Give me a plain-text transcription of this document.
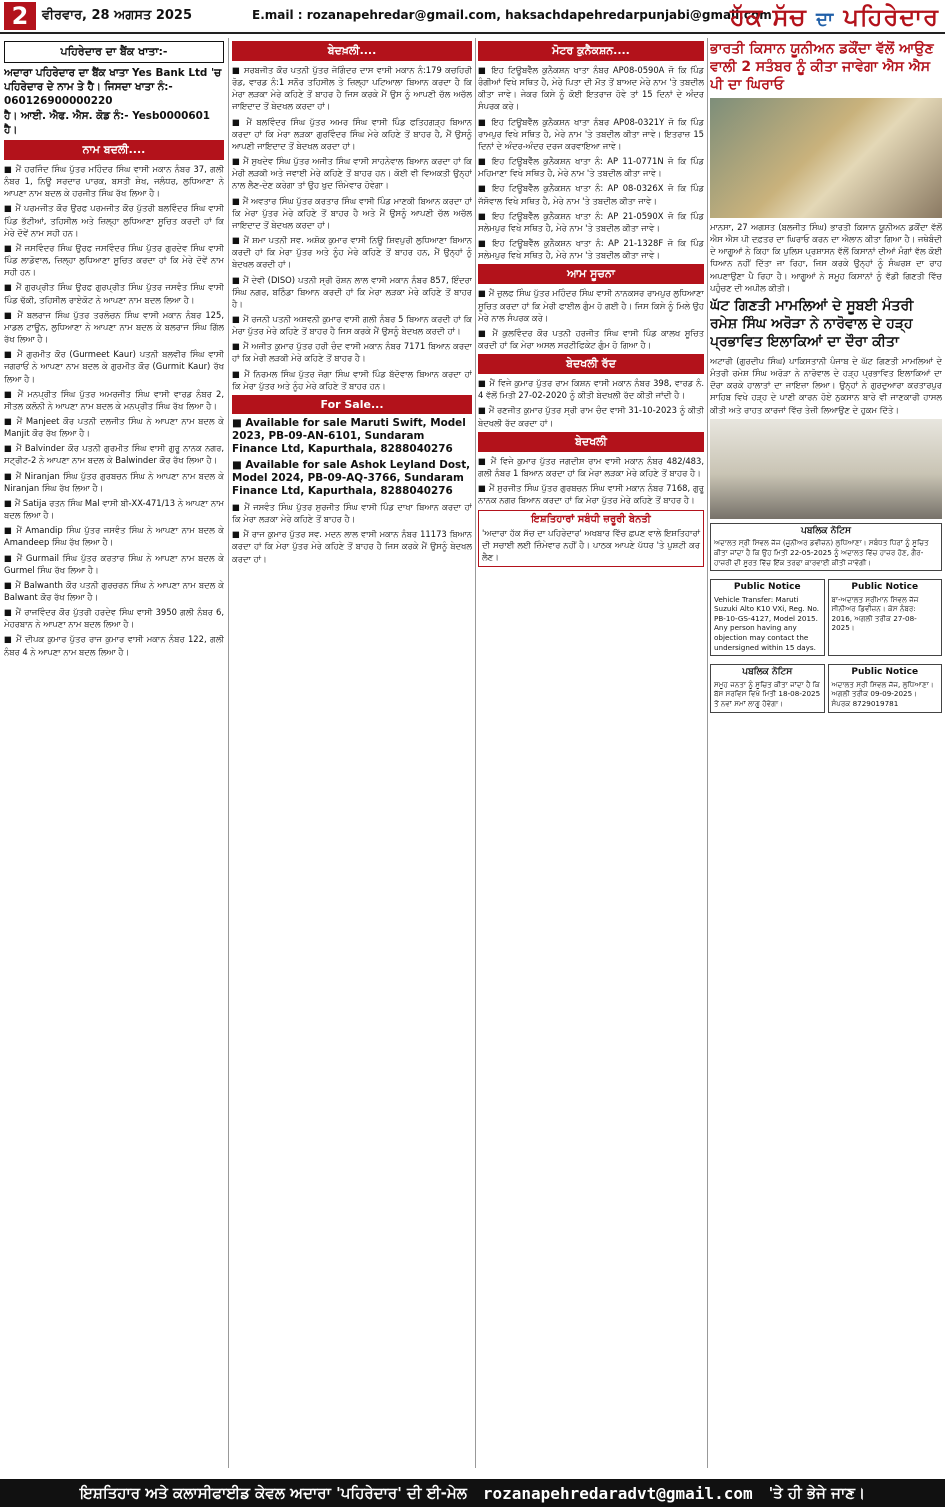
2	ਵੀਰਵਾਰ, 28 ਅਗਸਤ 2025	E.mail : rozanapehredar@gmail.com, haksachdapehredarpunjabi@gmail.com
ਹੱਕ ਸੱਚ ਦਾ ਪਹਿਰੇਦਾਰ
ਪਹਿਰੇਦਾਰ ਦਾ ਬੈਂਕ ਖਾਤਾ:-

ਅਦਾਰਾ ਪਹਿਰੇਦਾਰ ਦਾ ਬੈਂਕ ਖਾਤਾ Yes Bank Ltd 'ਚ ਪਹਿਰੇਦਾਰ ਦੇ ਨਾਮ ਤੇ ਹੈ। ਜਿਸਦਾ ਖਾਤਾ ਨੰ:- 060126900000220

ਹੈ। ਆਈ. ਐਫ. ਐਸ. ਕੋਡ ਨੰ:- Yesb0000601 ਹੈ।

ਨਾਮ ਬਦਲੀ....
■ ਮੈਂ ਹਰਜਿੰਦ ਸਿੰਘ ਪੁੱਤਰ ਮਹਿੰਦਰ ਸਿੰਘ ਵਾਸੀ ਮਕਾਨ ਨੰਬਰ 37, ਗਲੀ ਨੰਬਰ 1, ਨਿਊ ਸਰਦਾਰ ਪਾਰਕ, ਬਸਤੀ ਸ਼ੇਖ, ਜਲੰਧਰ, ਲੁਧਿਆਣਾ ਨੇ ਆਪਣਾ ਨਾਮ ਬਦਲ ਕੇ ਹਰਜੀਤ ਸਿੰਘ ਰੱਖ ਲਿਆ ਹੈ।
■ ਮੈਂ ਪਰਮਜੀਤ ਕੌਰ ਉਰਫ ਪਰਮਜੀਤ ਕੌਰ ਪੁੱਤਰੀ ਬਲਵਿੰਦਰ ਸਿੰਘ ਵਾਸੀ ਪਿੰਡ ਭੱਟੀਆਂ, ਤਹਿਸੀਲ ਅਤੇ ਜ਼ਿਲ੍ਹਾ ਲੁਧਿਆਣਾ ਸੂਚਿਤ ਕਰਦੀ ਹਾਂ ਕਿ ਮੇਰੇ ਦੋਵੇਂ ਨਾਮ ਸਹੀ ਹਨ।
■ ਮੈਂ ਜਸਵਿੰਦਰ ਸਿੰਘ ਉਰਫ ਜਸਵਿੰਦਰ ਸਿੰਘ ਪੁੱਤਰ ਗੁਰਦੇਵ ਸਿੰਘ ਵਾਸੀ ਪਿੰਡ ਲਾਡੋਵਾਲ, ਜ਼ਿਲ੍ਹਾ ਲੁਧਿਆਣਾ ਸੂਚਿਤ ਕਰਦਾ ਹਾਂ ਕਿ ਮੇਰੇ ਦੋਵੇਂ ਨਾਮ ਸਹੀ ਹਨ।
■ ਮੈਂ ਗੁਰਪ੍ਰੀਤ ਸਿੰਘ ਉਰਫ ਗੁਰਪ੍ਰੀਤ ਸਿੰਘ ਪੁੱਤਰ ਜਸਵੰਤ ਸਿੰਘ ਵਾਸੀ ਪਿੰਡ ਢੱਕੀ, ਤਹਿਸੀਲ ਰਾਏਕੋਟ ਨੇ ਆਪਣਾ ਨਾਮ ਬਦਲ ਲਿਆ ਹੈ।
■ ਮੈਂ ਬਲਰਾਜ ਸਿੰਘ ਪੁੱਤਰ ਤਰਲੋਚਨ ਸਿੰਘ ਵਾਸੀ ਮਕਾਨ ਨੰਬਰ 125, ਮਾਡਲ ਟਾਊਨ, ਲੁਧਿਆਣਾ ਨੇ ਆਪਣਾ ਨਾਮ ਬਦਲ ਕੇ ਬਲਰਾਜ ਸਿੰਘ ਗਿੱਲ ਰੱਖ ਲਿਆ ਹੈ।
■ ਮੈਂ ਗੁਰਮੀਤ ਕੌਰ (Gurmeet Kaur) ਪਤਨੀ ਬਲਵੀਰ ਸਿੰਘ ਵਾਸੀ ਜਗਰਾਓਂ ਨੇ ਆਪਣਾ ਨਾਮ ਬਦਲ ਕੇ ਗੁਰਮੀਤ ਕੌਰ (Gurmit Kaur) ਰੱਖ ਲਿਆ ਹੈ।
■ ਮੈਂ ਮਨਪ੍ਰੀਤ ਸਿੰਘ ਪੁੱਤਰ ਅਮਰਜੀਤ ਸਿੰਘ ਵਾਸੀ ਵਾਰਡ ਨੰਬਰ 2, ਸੀਤਲ ਕਲੋਨੀ ਨੇ ਆਪਣਾ ਨਾਮ ਬਦਲ ਕੇ ਮਨਪ੍ਰੀਤ ਸਿੰਘ ਰੱਖ ਲਿਆ ਹੈ।
■ ਮੈਂ Manjeet ਕੌਰ ਪਤਨੀ ਦਲਜੀਤ ਸਿੰਘ ਨੇ ਆਪਣਾ ਨਾਮ ਬਦਲ ਕੇ Manjit ਕੌਰ ਰੱਖ ਲਿਆ ਹੈ।
■ ਮੈਂ Balvinder ਕੌਰ ਪਤਨੀ ਗੁਰਮੀਤ ਸਿੰਘ ਵਾਸੀ ਗੁਰੂ ਨਾਨਕ ਨਗਰ, ਸਟ੍ਰੀਟ-2 ਨੇ ਆਪਣਾ ਨਾਮ ਬਦਲ ਕੇ Balwinder ਕੌਰ ਰੱਖ ਲਿਆ ਹੈ।
■ ਮੈਂ Niranjan ਸਿੰਘ ਪੁੱਤਰ ਗੁਰਬਚਨ ਸਿੰਘ ਨੇ ਆਪਣਾ ਨਾਮ ਬਦਲ ਕੇ Niranjan ਸਿੰਘ ਰੱਖ ਲਿਆ ਹੈ।
■ ਮੈਂ Satija ਰਤਨ ਸਿੰਘ Mal ਵਾਸੀ ਬੀ-XX-471/13 ਨੇ ਆਪਣਾ ਨਾਮ ਬਦਲ ਲਿਆ ਹੈ।
■ ਮੈਂ Amandip ਸਿੰਘ ਪੁੱਤਰ ਜਸਵੰਤ ਸਿੰਘ ਨੇ ਆਪਣਾ ਨਾਮ ਬਦਲ ਕੇ Amandeep ਸਿੰਘ ਰੱਖ ਲਿਆ ਹੈ।
■ ਮੈਂ Gurmail ਸਿੰਘ ਪੁੱਤਰ ਕਰਤਾਰ ਸਿੰਘ ਨੇ ਆਪਣਾ ਨਾਮ ਬਦਲ ਕੇ Gurmel ਸਿੰਘ ਰੱਖ ਲਿਆ ਹੈ।
■ ਮੈਂ Balwanth ਕੌਰ ਪਤਨੀ ਗੁਰਚਰਨ ਸਿੰਘ ਨੇ ਆਪਣਾ ਨਾਮ ਬਦਲ ਕੇ Balwant ਕੌਰ ਰੱਖ ਲਿਆ ਹੈ।
■ ਮੈਂ ਰਾਜਵਿੰਦਰ ਕੌਰ ਪੁੱਤਰੀ ਹਰਦੇਵ ਸਿੰਘ ਵਾਸੀ 3950 ਗਲੀ ਨੰਬਰ 6, ਮੇਹਰਬਾਨ ਨੇ ਆਪਣਾ ਨਾਮ ਬਦਲ ਲਿਆ ਹੈ।
■ ਮੈਂ ਦੀਪਕ ਕੁਮਾਰ ਪੁੱਤਰ ਰਾਜ ਕੁਮਾਰ ਵਾਸੀ ਮਕਾਨ ਨੰਬਰ 122, ਗਲੀ ਨੰਬਰ 4 ਨੇ ਆਪਣਾ ਨਾਮ ਬਦਲ ਲਿਆ ਹੈ।
ਬੇਦਖ਼ਲੀ....
■ ਸਰਬਜੀਤ ਕੌਰ ਪਤਨੀ ਪੁੱਤਰ ਜੋਗਿੰਦਰ ਦਾਸ ਵਾਸੀ ਮਕਾਨ ਨੰ:179 ਕਚਹਿਰੀ ਰੋਡ, ਵਾਰਡ ਨੰ:1 ਸਨੌਰ ਤਹਿਸੀਲ ਤੇ ਜ਼ਿਲ੍ਹਾ ਪਟਿਆਲਾ ਬਿਆਨ ਕਰਦਾ ਹੈ ਕਿ ਮੇਰਾ ਲੜਕਾ ਮੇਰੇ ਕਹਿਣੇ ਤੋਂ ਬਾਹਰ ਹੈ ਜਿਸ ਕਰਕੇ ਮੈਂ ਉਸ ਨੂੰ ਆਪਣੀ ਚੱਲ ਅਚੱਲ ਜਾਇਦਾਦ ਤੋਂ ਬੇਦਖਲ ਕਰਦਾ ਹਾਂ।
■ ਮੈਂ ਬਲਵਿੰਦਰ ਸਿੰਘ ਪੁੱਤਰ ਅਮਰ ਸਿੰਘ ਵਾਸੀ ਪਿੰਡ ਫਤਿਹਗੜ੍ਹ ਬਿਆਨ ਕਰਦਾ ਹਾਂ ਕਿ ਮੇਰਾ ਲੜਕਾ ਗੁਰਵਿੰਦਰ ਸਿੰਘ ਮੇਰੇ ਕਹਿਣੇ ਤੋਂ ਬਾਹਰ ਹੈ, ਮੈਂ ਉਸਨੂੰ ਆਪਣੀ ਜਾਇਦਾਦ ਤੋਂ ਬੇਦਖਲ ਕਰਦਾ ਹਾਂ।
■ ਮੈਂ ਸੁਖਦੇਵ ਸਿੰਘ ਪੁੱਤਰ ਅਜੀਤ ਸਿੰਘ ਵਾਸੀ ਸਾਹਨੇਵਾਲ ਬਿਆਨ ਕਰਦਾ ਹਾਂ ਕਿ ਮੇਰੀ ਲੜਕੀ ਅਤੇ ਜਵਾਈ ਮੇਰੇ ਕਹਿਣੇ ਤੋਂ ਬਾਹਰ ਹਨ। ਕੋਈ ਵੀ ਵਿਅਕਤੀ ਉਨ੍ਹਾਂ ਨਾਲ ਲੈਣ-ਦੇਣ ਕਰੇਗਾ ਤਾਂ ਉਹ ਖੁਦ ਜ਼ਿੰਮੇਵਾਰ ਹੋਵੇਗਾ।
■ ਮੈਂ ਅਵਤਾਰ ਸਿੰਘ ਪੁੱਤਰ ਕਰਤਾਰ ਸਿੰਘ ਵਾਸੀ ਪਿੰਡ ਮਾਣਕੀ ਬਿਆਨ ਕਰਦਾ ਹਾਂ ਕਿ ਮੇਰਾ ਪੁੱਤਰ ਮੇਰੇ ਕਹਿਣੇ ਤੋਂ ਬਾਹਰ ਹੈ ਅਤੇ ਮੈਂ ਉਸਨੂੰ ਆਪਣੀ ਚੱਲ ਅਚੱਲ ਜਾਇਦਾਦ ਤੋਂ ਬੇਦਖਲ ਕਰਦਾ ਹਾਂ।
■ ਮੈਂ ਸ਼ਮਾ ਪਤਨੀ ਸਵ. ਅਸ਼ੋਕ ਕੁਮਾਰ ਵਾਸੀ ਨਿਊ ਸ਼ਿਵਪੁਰੀ ਲੁਧਿਆਣਾ ਬਿਆਨ ਕਰਦੀ ਹਾਂ ਕਿ ਮੇਰਾ ਪੁੱਤਰ ਅਤੇ ਨੂੰਹ ਮੇਰੇ ਕਹਿਣੇ ਤੋਂ ਬਾਹਰ ਹਨ, ਮੈਂ ਉਨ੍ਹਾਂ ਨੂੰ ਬੇਦਖਲ ਕਰਦੀ ਹਾਂ।
■ ਮੈਂ ਦੇਵੀ (DISO) ਪਤਨੀ ਸ੍ਰੀ ਰੋਸ਼ਨ ਲਾਲ ਵਾਸੀ ਮਕਾਨ ਨੰਬਰ 857, ਇੰਦਰਾ ਸਿੰਘ ਨਗਰ, ਬਠਿੰਡਾ ਬਿਆਨ ਕਰਦੀ ਹਾਂ ਕਿ ਮੇਰਾ ਲੜਕਾ ਮੇਰੇ ਕਹਿਣੇ ਤੋਂ ਬਾਹਰ ਹੈ।
■ ਮੈਂ ਰਜਨੀ ਪਤਨੀ ਅਸ਼ਵਨੀ ਕੁਮਾਰ ਵਾਸੀ ਗਲੀ ਨੰਬਰ 5 ਬਿਆਨ ਕਰਦੀ ਹਾਂ ਕਿ ਮੇਰਾ ਪੁੱਤਰ ਮੇਰੇ ਕਹਿਣੇ ਤੋਂ ਬਾਹਰ ਹੈ ਜਿਸ ਕਰਕੇ ਮੈਂ ਉਸਨੂੰ ਬੇਦਖਲ ਕਰਦੀ ਹਾਂ।
■ ਮੈਂ ਅਜੀਤ ਕੁਮਾਰ ਪੁੱਤਰ ਹਰੀ ਚੰਦ ਵਾਸੀ ਮਕਾਨ ਨੰਬਰ 7171 ਬਿਆਨ ਕਰਦਾ ਹਾਂ ਕਿ ਮੇਰੀ ਲੜਕੀ ਮੇਰੇ ਕਹਿਣੇ ਤੋਂ ਬਾਹਰ ਹੈ।
■ ਮੈਂ ਨਿਰਮਲ ਸਿੰਘ ਪੁੱਤਰ ਜੋਗਾ ਸਿੰਘ ਵਾਸੀ ਪਿੰਡ ਬੱਦੋਵਾਲ ਬਿਆਨ ਕਰਦਾ ਹਾਂ ਕਿ ਮੇਰਾ ਪੁੱਤਰ ਅਤੇ ਨੂੰਹ ਮੇਰੇ ਕਹਿਣੇ ਤੋਂ ਬਾਹਰ ਹਨ।
For Sale...
■ Available for sale Maruti Swift, Model 2023, PB-09-AN-6101, Sundaram Finance Ltd, Kapurthala, 8288040276
■ Available for sale Ashok Leyland Dost, Model 2024, PB-09-AQ-3766, Sundaram Finance Ltd, Kapurthala, 8288040276
■ ਮੈਂ ਜਸਵੰਤ ਸਿੰਘ ਪੁੱਤਰ ਸੁਰਜੀਤ ਸਿੰਘ ਵਾਸੀ ਪਿੰਡ ਦਾਖਾ ਬਿਆਨ ਕਰਦਾ ਹਾਂ ਕਿ ਮੇਰਾ ਲੜਕਾ ਮੇਰੇ ਕਹਿਣੇ ਤੋਂ ਬਾਹਰ ਹੈ।
■ ਮੈਂ ਰਾਜ ਕੁਮਾਰ ਪੁੱਤਰ ਸਵ. ਮਦਨ ਲਾਲ ਵਾਸੀ ਮਕਾਨ ਨੰਬਰ 11173 ਬਿਆਨ ਕਰਦਾ ਹਾਂ ਕਿ ਮੇਰਾ ਪੁੱਤਰ ਮੇਰੇ ਕਹਿਣੇ ਤੋਂ ਬਾਹਰ ਹੈ ਜਿਸ ਕਰਕੇ ਮੈਂ ਉਸਨੂੰ ਬੇਦਖਲ ਕਰਦਾ ਹਾਂ।
ਮੋਟਰ ਕੁਨੈਕਸ਼ਨ....
■ ਇਹ ਟਿਊਬਵੈੱਲ ਕੁਨੈਕਸ਼ਨ ਖਾਤਾ ਨੰਬਰ AP08-0590A ਜੋ ਕਿ ਪਿੰਡ ਰੰਗੀਆਂ ਵਿਖੇ ਸਥਿਤ ਹੈ, ਮੇਰੇ ਪਿਤਾ ਦੀ ਮੌਤ ਤੋਂ ਬਾਅਦ ਮੇਰੇ ਨਾਮ 'ਤੇ ਤਬਦੀਲ ਕੀਤਾ ਜਾਵੇ। ਜੇਕਰ ਕਿਸੇ ਨੂੰ ਕੋਈ ਇਤਰਾਜ਼ ਹੋਵੇ ਤਾਂ 15 ਦਿਨਾਂ ਦੇ ਅੰਦਰ ਸੰਪਰਕ ਕਰੇ।
■ ਇਹ ਟਿਊਬਵੈੱਲ ਕੁਨੈਕਸ਼ਨ ਖਾਤਾ ਨੰਬਰ AP08-0321Y ਜੋ ਕਿ ਪਿੰਡ ਰਾਮਪੁਰ ਵਿਖੇ ਸਥਿਤ ਹੈ, ਮੇਰੇ ਨਾਮ 'ਤੇ ਤਬਦੀਲ ਕੀਤਾ ਜਾਵੇ। ਇਤਰਾਜ਼ 15 ਦਿਨਾਂ ਦੇ ਅੰਦਰ-ਅੰਦਰ ਦਰਜ ਕਰਵਾਇਆ ਜਾਵੇ।
■ ਇਹ ਟਿਊਬਵੈੱਲ ਕੁਨੈਕਸ਼ਨ ਖਾਤਾ ਨੰ: AP 11-0771N ਜੋ ਕਿ ਪਿੰਡ ਮਹਿਮਾਣਾ ਵਿਖੇ ਸਥਿਤ ਹੈ, ਮੇਰੇ ਨਾਮ 'ਤੇ ਤਬਦੀਲ ਕੀਤਾ ਜਾਵੇ।
■ ਇਹ ਟਿਊਬਵੈੱਲ ਕੁਨੈਕਸ਼ਨ ਖਾਤਾ ਨੰ: AP 08-0326X ਜੋ ਕਿ ਪਿੰਡ ਜੱਸੋਵਾਲ ਵਿਖੇ ਸਥਿਤ ਹੈ, ਮੇਰੇ ਨਾਮ 'ਤੇ ਤਬਦੀਲ ਕੀਤਾ ਜਾਵੇ।
■ ਇਹ ਟਿਊਬਵੈੱਲ ਕੁਨੈਕਸ਼ਨ ਖਾਤਾ ਨੰ: AP 21-0590X ਜੋ ਕਿ ਪਿੰਡ ਸਲੇਮਪੁਰ ਵਿਖੇ ਸਥਿਤ ਹੈ, ਮੇਰੇ ਨਾਮ 'ਤੇ ਤਬਦੀਲ ਕੀਤਾ ਜਾਵੇ।
■ ਇਹ ਟਿਊਬਵੈੱਲ ਕੁਨੈਕਸ਼ਨ ਖਾਤਾ ਨੰ: AP 21-1328F ਜੋ ਕਿ ਪਿੰਡ ਸਲੇਮਪੁਰ ਵਿਖੇ ਸਥਿਤ ਹੈ, ਮੇਰੇ ਨਾਮ 'ਤੇ ਤਬਦੀਲ ਕੀਤਾ ਜਾਵੇ।
ਆਮ ਸੂਚਨਾ
■ ਮੈਂ ਜ਼ੁਲਫ ਸਿੰਘ ਪੁੱਤਰ ਮਹਿੰਦਰ ਸਿੰਘ ਵਾਸੀ ਨਾਨਕਸਰ ਰਾਮਪੁਰ ਲੁਧਿਆਣਾ ਸੂਚਿਤ ਕਰਦਾ ਹਾਂ ਕਿ ਮੇਰੀ ਫਾਈਲ ਗੁੰਮ ਹੋ ਗਈ ਹੈ। ਜਿਸ ਕਿਸੇ ਨੂੰ ਮਿਲੇ ਉਹ ਮੇਰੇ ਨਾਲ ਸੰਪਰਕ ਕਰੇ।
■ ਮੈਂ ਕੁਲਵਿੰਦਰ ਕੌਰ ਪਤਨੀ ਹਰਜੀਤ ਸਿੰਘ ਵਾਸੀ ਪਿੰਡ ਕਾਲਖ ਸੂਚਿਤ ਕਰਦੀ ਹਾਂ ਕਿ ਮੇਰਾ ਅਸਲ ਸਰਟੀਫਿਕੇਟ ਗੁੰਮ ਹੋ ਗਿਆ ਹੈ।
ਬੇਦਖਲੀ ਰੱਦ
■ ਮੈਂ ਵਿਜੇ ਕੁਮਾਰ ਪੁੱਤਰ ਰਾਮ ਕਿਸ਼ਨ ਵਾਸੀ ਮਕਾਨ ਨੰਬਰ 398, ਵਾਰਡ ਨੰ. 4 ਵੱਲੋਂ ਮਿਤੀ 27-02-2020 ਨੂੰ ਕੀਤੀ ਬੇਦਖਲੀ ਰੱਦ ਕੀਤੀ ਜਾਂਦੀ ਹੈ।
■ ਮੈਂ ਰਣਜੀਤ ਕੁਮਾਰ ਪੁੱਤਰ ਸ੍ਰੀ ਰਾਮ ਚੰਦ ਵਾਸੀ 31-10-2023 ਨੂੰ ਕੀਤੀ ਬੇਦਖਲੀ ਰੱਦ ਕਰਦਾ ਹਾਂ।
ਬੇਦਖਲੀ
■ ਮੈਂ ਵਿਜੇ ਕੁਮਾਰ ਪੁੱਤਰ ਜਗਦੀਸ਼ ਰਾਮ ਵਾਸੀ ਮਕਾਨ ਨੰਬਰ 482/483, ਗਲੀ ਨੰਬਰ 1 ਬਿਆਨ ਕਰਦਾ ਹਾਂ ਕਿ ਮੇਰਾ ਲੜਕਾ ਮੇਰੇ ਕਹਿਣੇ ਤੋਂ ਬਾਹਰ ਹੈ।
■ ਮੈਂ ਸੁਰਜੀਤ ਸਿੰਘ ਪੁੱਤਰ ਗੁਰਬਚਨ ਸਿੰਘ ਵਾਸੀ ਮਕਾਨ ਨੰਬਰ 7168, ਗੁਰੂ ਨਾਨਕ ਨਗਰ ਬਿਆਨ ਕਰਦਾ ਹਾਂ ਕਿ ਮੇਰਾ ਪੁੱਤਰ ਮੇਰੇ ਕਹਿਣੇ ਤੋਂ ਬਾਹਰ ਹੈ।
ਇਸ਼ਤਿਹਾਰਾਂ ਸਬੰਧੀ ਜ਼ਰੂਰੀ ਬੇਨਤੀ
'ਅਦਾਰਾ ਹੱਕ ਸੱਚ ਦਾ ਪਹਿਰੇਦਾਰ' ਅਖਬਾਰ ਵਿੱਚ ਛਪਣ ਵਾਲੇ ਇਸ਼ਤਿਹਾਰਾਂ ਦੀ ਸਚਾਈ ਲਈ ਜ਼ਿੰਮੇਵਾਰ ਨਹੀਂ ਹੈ। ਪਾਠਕ ਆਪਣੇ ਪੱਧਰ 'ਤੇ ਪੁਸ਼ਟੀ ਕਰ ਲੈਣ।
ਭਾਰਤੀ ਕਿਸਾਨ ਯੂਨੀਅਨ ਡਕੌਂਦਾ ਵੱਲੋਂ ਆਉਣ ਵਾਲੀ 2 ਸਤੰਬਰ ਨੂੰ ਕੀਤਾ ਜਾਵੇਗਾ ਐਸ ਐਸ ਪੀ ਦਾ ਘਿਰਾਓ
ਮਾਨਸਾ, 27 ਅਗਸਤ (ਬਲਜੀਤ ਸਿੰਘ) ਭਾਰਤੀ ਕਿਸਾਨ ਯੂਨੀਅਨ ਡਕੌਂਦਾ ਵੱਲੋਂ ਐਸ ਐਸ ਪੀ ਦਫ਼ਤਰ ਦਾ ਘਿਰਾਓ ਕਰਨ ਦਾ ਐਲਾਨ ਕੀਤਾ ਗਿਆ ਹੈ। ਜਥੇਬੰਦੀ ਦੇ ਆਗੂਆਂ ਨੇ ਕਿਹਾ ਕਿ ਪੁਲਿਸ ਪ੍ਰਸ਼ਾਸਨ ਵੱਲੋਂ ਕਿਸਾਨਾਂ ਦੀਆਂ ਮੰਗਾਂ ਵੱਲ ਕੋਈ ਧਿਆਨ ਨਹੀਂ ਦਿੱਤਾ ਜਾ ਰਿਹਾ, ਜਿਸ ਕਰਕੇ ਉਨ੍ਹਾਂ ਨੂੰ ਸੰਘਰਸ਼ ਦਾ ਰਾਹ ਅਪਣਾਉਣਾ ਪੈ ਰਿਹਾ ਹੈ। ਆਗੂਆਂ ਨੇ ਸਮੂਹ ਕਿਸਾਨਾਂ ਨੂੰ ਵੱਡੀ ਗਿਣਤੀ ਵਿੱਚ ਪਹੁੰਚਣ ਦੀ ਅਪੀਲ ਕੀਤੀ।
ਘੱਟ ਗਿਣਤੀ ਮਾਮਲਿਆਂ ਦੇ ਸੂਬਈ ਮੰਤਰੀ ਰਮੇਸ਼ ਸਿੰਘ ਅਰੋੜਾ ਨੇ ਨਾਰੋਵਾਲ ਦੇ ਹੜ੍ਹ ਪ੍ਰਭਾਵਿਤ ਇਲਾਕਿਆਂ ਦਾ ਦੌਰਾ ਕੀਤਾ
ਅਟਾਰੀ (ਗੁਰਦੀਪ ਸਿੰਘ) ਪਾਕਿਸਤਾਨੀ ਪੰਜਾਬ ਦੇ ਘੱਟ ਗਿਣਤੀ ਮਾਮਲਿਆਂ ਦੇ ਮੰਤਰੀ ਰਮੇਸ਼ ਸਿੰਘ ਅਰੋੜਾ ਨੇ ਨਾਰੋਵਾਲ ਦੇ ਹੜ੍ਹ ਪ੍ਰਭਾਵਿਤ ਇਲਾਕਿਆਂ ਦਾ ਦੌਰਾ ਕਰਕੇ ਹਾਲਾਤਾਂ ਦਾ ਜਾਇਜ਼ਾ ਲਿਆ। ਉਨ੍ਹਾਂ ਨੇ ਗੁਰਦੁਆਰਾ ਕਰਤਾਰਪੁਰ ਸਾਹਿਬ ਵਿਖੇ ਹੜ੍ਹ ਦੇ ਪਾਣੀ ਕਾਰਨ ਹੋਏ ਨੁਕਸਾਨ ਬਾਰੇ ਵੀ ਜਾਣਕਾਰੀ ਹਾਸਲ ਕੀਤੀ ਅਤੇ ਰਾਹਤ ਕਾਰਜਾਂ ਵਿੱਚ ਤੇਜ਼ੀ ਲਿਆਉਣ ਦੇ ਹੁਕਮ ਦਿੱਤੇ।
ਪਬਲਿਕ ਨੋਟਿਸ
ਅਦਾਲਤ ਸ੍ਰੀ ਸਿਵਲ ਜੱਜ (ਜੂਨੀਅਰ ਡਵੀਜ਼ਨ) ਲੁਧਿਆਣਾ। ਸਬੰਧਤ ਧਿਰਾਂ ਨੂੰ ਸੂਚਿਤ ਕੀਤਾ ਜਾਂਦਾ ਹੈ ਕਿ ਉਹ ਮਿਤੀ 22-05-2025 ਨੂੰ ਅਦਾਲਤ ਵਿੱਚ ਹਾਜ਼ਰ ਹੋਣ, ਗੈਰ-ਹਾਜ਼ਰੀ ਦੀ ਸੂਰਤ ਵਿੱਚ ਇੱਕ ਤਰਫਾ ਕਾਰਵਾਈ ਕੀਤੀ ਜਾਵੇਗੀ।
Public Notice
Vehicle Transfer: Maruti Suzuki Alto K10 VXi, Reg. No. PB-10-GS-4127, Model 2015. Any person having any objection may contact the undersigned within 15 days.
Public Notice
ਬਾ-ਅਦਾਲਤ ਸ੍ਰੀਮਾਨ ਸਿਵਲ ਜੱਜ ਸੀਨੀਅਰ ਡਿਵੀਜ਼ਨ। ਕੇਸ ਨੰਬਰ: 2016, ਅਗਲੀ ਤਰੀਕ 27-08-2025।
ਪਬਲਿਕ ਨੋਟਿਸ
ਸਮੂਹ ਜਨਤਾ ਨੂੰ ਸੂਚਿਤ ਕੀਤਾ ਜਾਂਦਾ ਹੈ ਕਿ ਬੱਸ ਸਰਵਿਸ ਵਿਖੇ ਮਿਤੀ 18-08-2025 ਤੋਂ ਨਵਾਂ ਸਮਾਂ ਲਾਗੂ ਹੋਵੇਗਾ।
Public Notice
ਅਦਾਲਤ ਸ੍ਰੀ ਸਿਵਲ ਜੱਜ, ਲੁਧਿਆਣਾ। ਅਗਲੀ ਤਰੀਕ 09-09-2025। ਸੰਪਰਕ 8729019781
ਇਸ਼ਤਿਹਾਰ ਅਤੇ ਕਲਾਸੀਫਾਈਡ ਕੇਵਲ ਅਦਾਰਾ 'ਪਹਿਰੇਦਾਰ' ਦੀ ਈ-ਮੇਲ rozanapehredaradvt@gmail.com 'ਤੇ ਹੀ ਭੇਜੇ ਜਾਣ।
